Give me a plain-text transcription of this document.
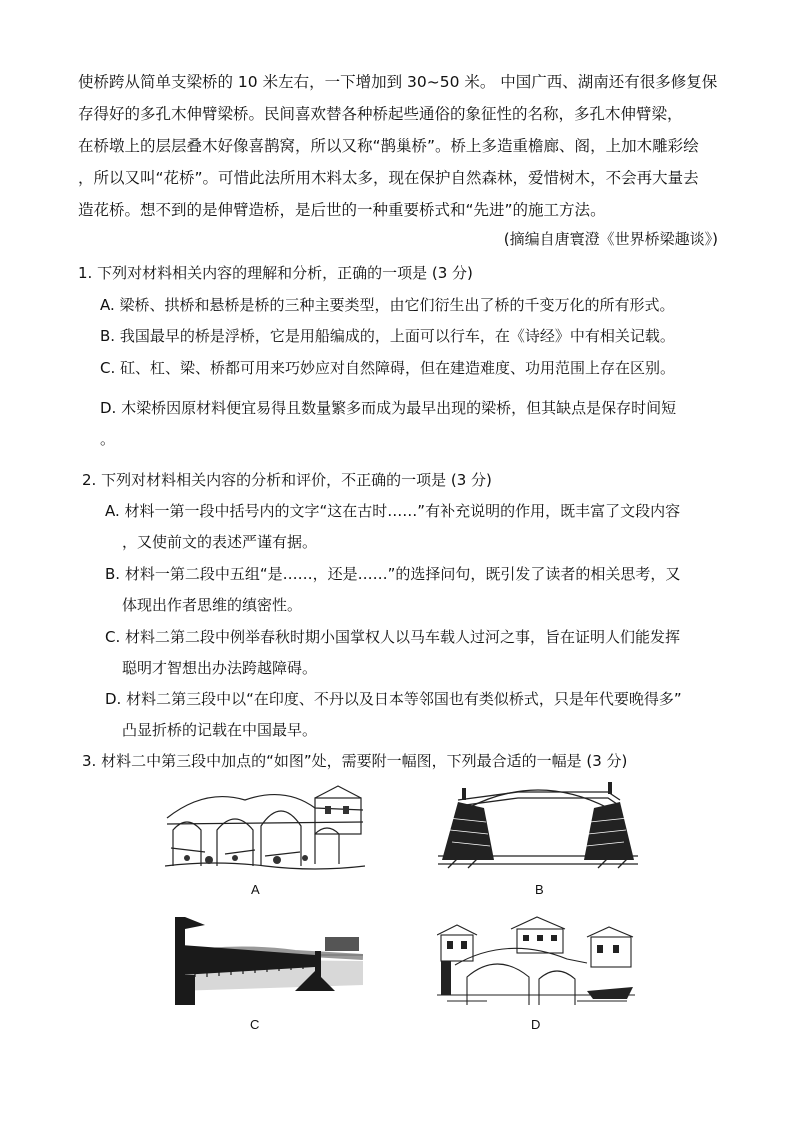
使桥跨从简单支梁桥的 10 米左右，一下增加到 30~50 米。 中国广西、湖南还有很多修复保
存得好的多孔木伸臂梁桥。民间喜欢替各种桥起些通俗的象征性的名称，多孔木伸臂梁，
在桥墩上的层层叠木好像喜鹊窝，所以又称“鹊巢桥”。桥上多造重檐廊、阁，上加木雕彩绘
，所以又叫“花桥”。可惜此法所用木料太多，现在保护自然森林，爱惜树木，不会再大量去
造花桥。想不到的是伸臂造桥，是后世的一种重要桥式和“先进”的施工方法。
(摘编自唐寰澄《世界桥梁趣谈》)
1. 下列对材料相关内容的理解和分析，正确的一项是 (3 分)
A. 梁桥、拱桥和悬桥是桥的三种主要类型，由它们衍生出了桥的千变万化的所有形式。
B. 我国最早的桥是浮桥，它是用船编成的，上面可以行车，在《诗经》中有相关记载。
C. 矼、杠、梁、桥都可用来巧妙应对自然障碍，但在建造难度、功用范围上存在区别。
D. 木梁桥因原材料便宜易得且数量繁多而成为最早出现的梁桥，但其缺点是保存时间短
。
2. 下列对材料相关内容的分析和评价，不正确的一项是 (3 分)
A. 材料一第一段中括号内的文字“这在古时……”有补充说明的作用，既丰富了文段内容
，又使前文的表述严谨有据。
B. 材料一第二段中五组“是……，还是……”的选择问句，既引发了读者的相关思考，又
体现出作者思维的缜密性。
C. 材料二第二段中例举春秋时期小国掌权人以马车载人过河之事，旨在证明人们能发挥
聪明才智想出办法跨越障碍。
D. 材料二第三段中以“在印度、不丹以及日本等邻国也有类似桥式，只是年代要晚得多”
凸显折桥的记载在中国最早。
3. 材料二中第三段中加点的“如图”处，需要附一幅图，下列最合适的一幅是 (3 分)
A	B
C	D
